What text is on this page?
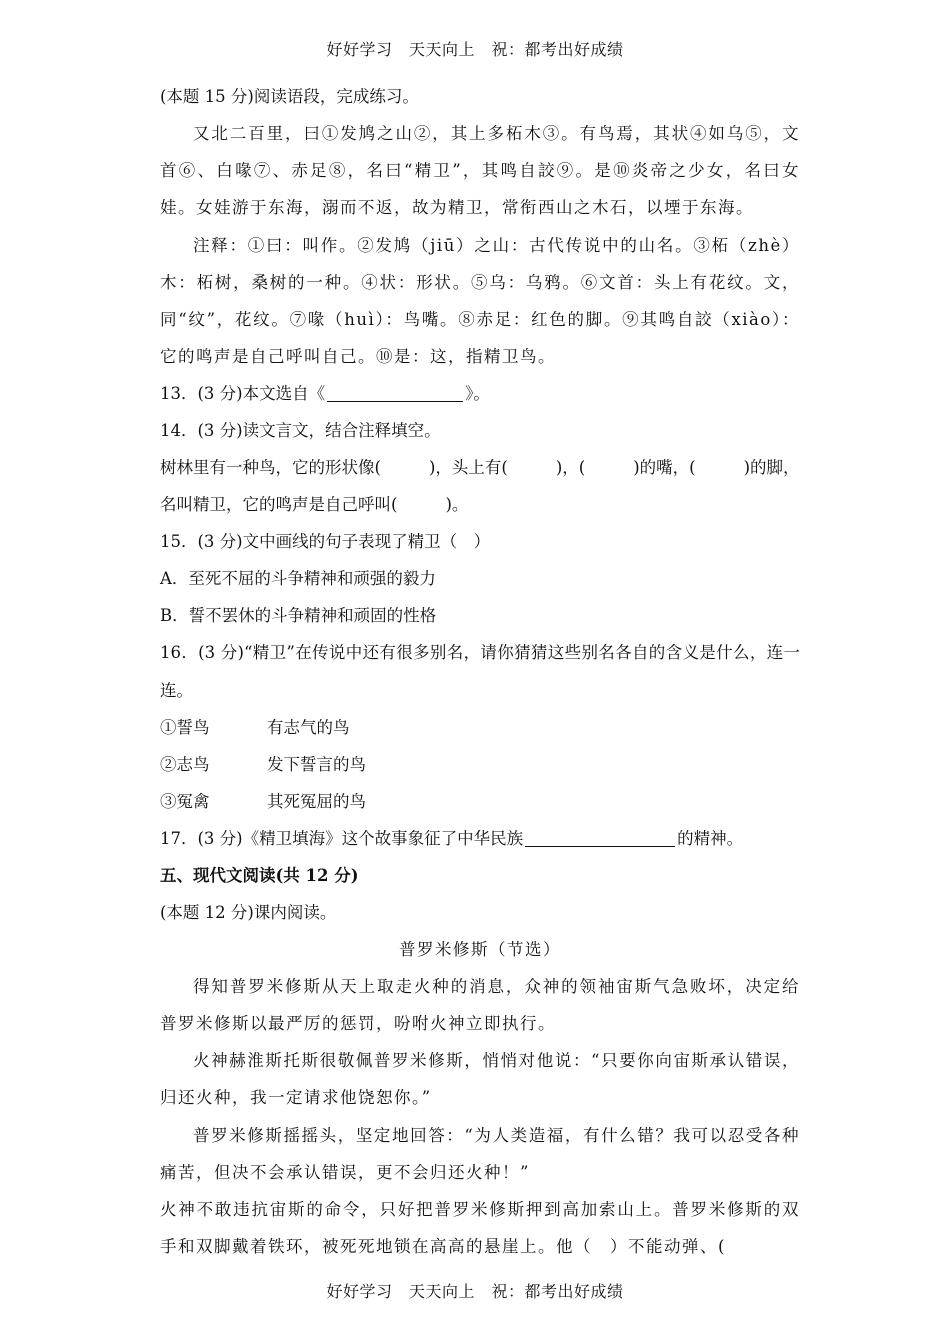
好好学习　天天向上　祝：都考出好成绩
(本题 15 分)阅读语段，完成练习。
又北二百里，曰①发鸠之山②，其上多柘木③。有鸟焉，其状④如乌⑤，文首⑥、白喙⑦、赤足⑧，名曰“精卫”，其鸣自詨⑨。是⑩炎帝之少女，名曰女娃。女娃游于东海，溺而不返，故为精卫，常衔西山之木石，以堙于东海。
注释：①曰：叫作。②发鸠（jiū）之山：古代传说中的山名。③柘（zhè）木：柘树，桑树的一种。④状：形状。⑤乌：乌鸦。⑥文首：头上有花纹。文，同“纹”，花纹。⑦喙（huì）：鸟嘴。⑧赤足：红色的脚。⑨其鸣自詨（xiào）：它的鸣声是自己呼叫自己。⑩是：这，指精卫鸟。
13．(3 分)本文选自《	》。
14．(3 分)读文言文，结合注释填空。
树林里有一种鸟，它的形状像(	)，头上有(	)，(	)的嘴，(	)的脚，
名叫精卫，它的鸣声是自己呼叫(	)。
15．(3 分)文中画线的句子表现了精卫（　）
A．至死不屈的斗争精神和顽强的毅力
B．誓不罢休的斗争精神和顽固的性格
16．(3 分)“精卫”在传说中还有很多别名，请你猜猜这些别名各自的含义是什么，连一连。
①誓鸟	有志气的鸟
②志鸟	发下誓言的鸟
③冤禽	其死冤屈的鸟
17．(3 分)《精卫填海》这个故事象征了中华民族	的精神。
五、现代文阅读(共 12 分)
(本题 12 分)课内阅读。
普罗米修斯（节选）
得知普罗米修斯从天上取走火种的消息，众神的领袖宙斯气急败坏，决定给普罗米修斯以最严厉的惩罚，吩咐火神立即执行。
火神赫淮斯托斯很敬佩普罗米修斯，悄悄对他说：“只要你向宙斯承认错误，归还火种，我一定请求他饶恕你。”
普罗米修斯摇摇头，坚定地回答：“为人类造福，有什么错？我可以忍受各种痛苦，但决不会承认错误，更不会归还火种！”
火神不敢违抗宙斯的命令，只好把普罗米修斯押到高加索山上。普罗米修斯的双手和双脚戴着铁环，被死死地锁在高高的悬崖上。他（　）不能动弹、(
好好学习　天天向上　祝：都考出好成绩
